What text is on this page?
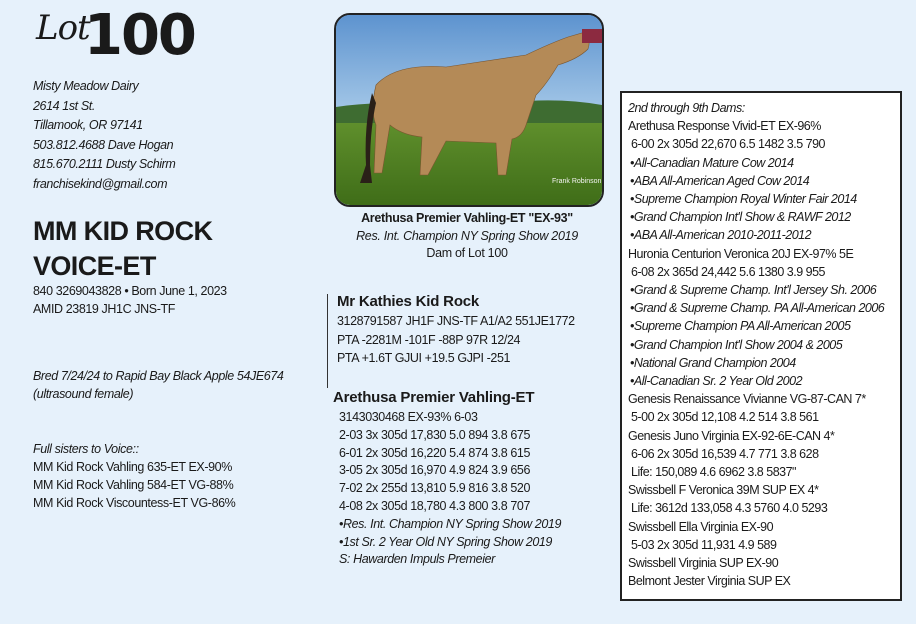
Lot
100
Misty Meadow Dairy
2614 1st St.
Tillamook, OR 97141
503.812.4688 Dave Hogan
815.670.2111 Dusty Schirm
franchisekind@gmail.com
MM KID ROCK
VOICE-ET
840 3269043828 • Born June 1, 2023
AMID 23819 JH1C JNS-TF
Bred 7/24/24 to Rapid Bay Black Apple 54JE674
(ultrasound female)
Full sisters to Voice::
MM Kid Rock Vahling 635-ET EX-90%
MM Kid Rock Vahling 584-ET VG-88%
MM Kid Rock Viscountess-ET VG-86%
Frank Robinson
Arethusa Premier Vahling-ET "EX-93"
Res. Int. Champion NY Spring Show 2019
Dam of Lot 100
Mr Kathies Kid Rock
3128791587 JH1F JNS-TF A1/A2 551JE1772
PTA -2281M -101F -88P 97R 12/24
PTA +1.6T GJUI +19.5 GJPI -251
Arethusa Premier Vahling-ET
3143030468 EX-93% 6-03
2-03 3x 305d 17,830 5.0 894 3.8 675
6-01 2x 305d 16,220 5.4 874 3.8 615
3-05 2x 305d 16,970 4.9 824 3.9 656
7-02 2x 255d 13,810 5.9 816 3.8 520
4-08 2x 305d 18,780 4.3 800 3.8 707
•Res. Int. Champion NY Spring Show 2019
•1st Sr. 2 Year Old NY Spring Show 2019
S: Hawarden Impuls Premeier
2nd through 9th Dams:
Arethusa Response Vivid-ET EX-96%
6-00 2x 305d 22,670 6.5 1482 3.5 790
•All-Canadian Mature Cow 2014
•ABA All-American Aged Cow 2014
•Supreme Champion Royal Winter Fair 2014
•Grand Champion Int'l Show & RAWF 2012
•ABA All-American 2010-2011-2012
Huronia Centurion Veronica 20J EX-97% 5E
6-08 2x 365d 24,442 5.6 1380 3.9 955
•Grand & Supreme Champ. Int'l Jersey Sh. 2006
•Grand & Supreme Champ. PA All-American 2006
•Supreme Champion PA All-American 2005
•Grand Champion Int'l Show 2004 & 2005
•National Grand Champion 2004
•All-Canadian Sr. 2 Year Old 2002
Genesis Renaissance Vivianne VG-87-CAN 7*
5-00 2x 305d 12,108 4.2 514 3.8 561
Genesis Juno Virginia EX-92-6E-CAN 4*
6-06 2x 305d 16,539 4.7 771 3.8 628
Life: 150,089 4.6 6962 3.8 5837"
Swissbell F Veronica 39M SUP EX 4*
Life: 3612d 133,058 4.3 5760 4.0 5293
Swissbell Ella Virginia EX-90
5-03 2x 305d 11,931 4.9 589
Swissbell Virginia SUP EX-90
Belmont Jester Virginia SUP EX
